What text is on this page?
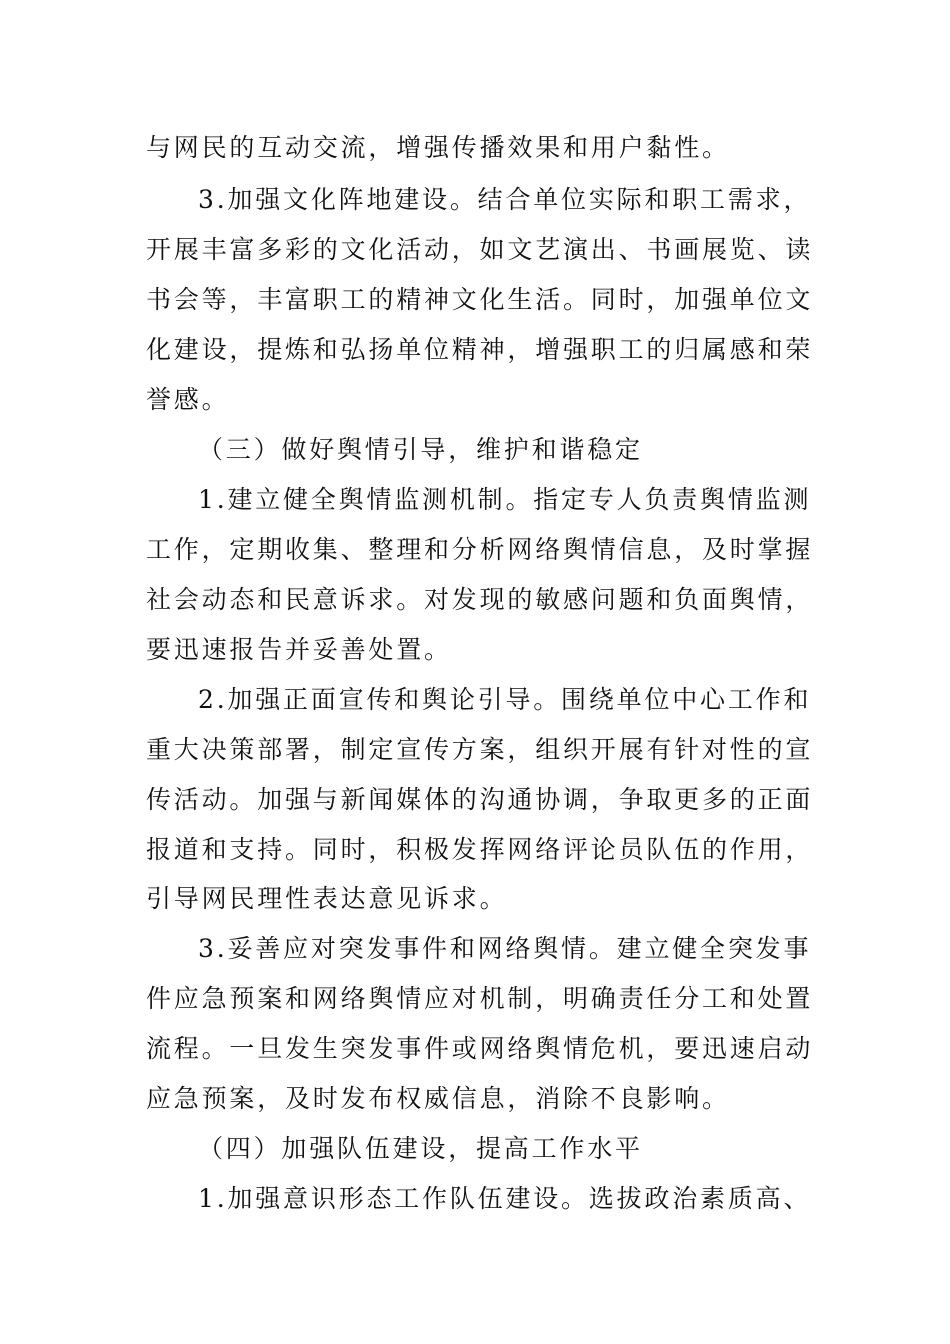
与网民的互动交流，增强传播效果和用户黏性。
3.加强文化阵地建设。结合单位实际和职工需求，
开展丰富多彩的文化活动，如文艺演出、书画展览、读
书会等，丰富职工的精神文化生活。同时，加强单位文
化建设，提炼和弘扬单位精神，增强职工的归属感和荣
誉感。
（三）做好舆情引导，维护和谐稳定
1.建立健全舆情监测机制。指定专人负责舆情监测
工作，定期收集、整理和分析网络舆情信息，及时掌握
社会动态和民意诉求。对发现的敏感问题和负面舆情，
要迅速报告并妥善处置。
2.加强正面宣传和舆论引导。围绕单位中心工作和
重大决策部署，制定宣传方案，组织开展有针对性的宣
传活动。加强与新闻媒体的沟通协调，争取更多的正面
报道和支持。同时，积极发挥网络评论员队伍的作用，
引导网民理性表达意见诉求。
3.妥善应对突发事件和网络舆情。建立健全突发事
件应急预案和网络舆情应对机制，明确责任分工和处置
流程。一旦发生突发事件或网络舆情危机，要迅速启动
应急预案，及时发布权威信息，消除不良影响。
（四）加强队伍建设，提高工作水平
1.加强意识形态工作队伍建设。选拔政治素质高、
